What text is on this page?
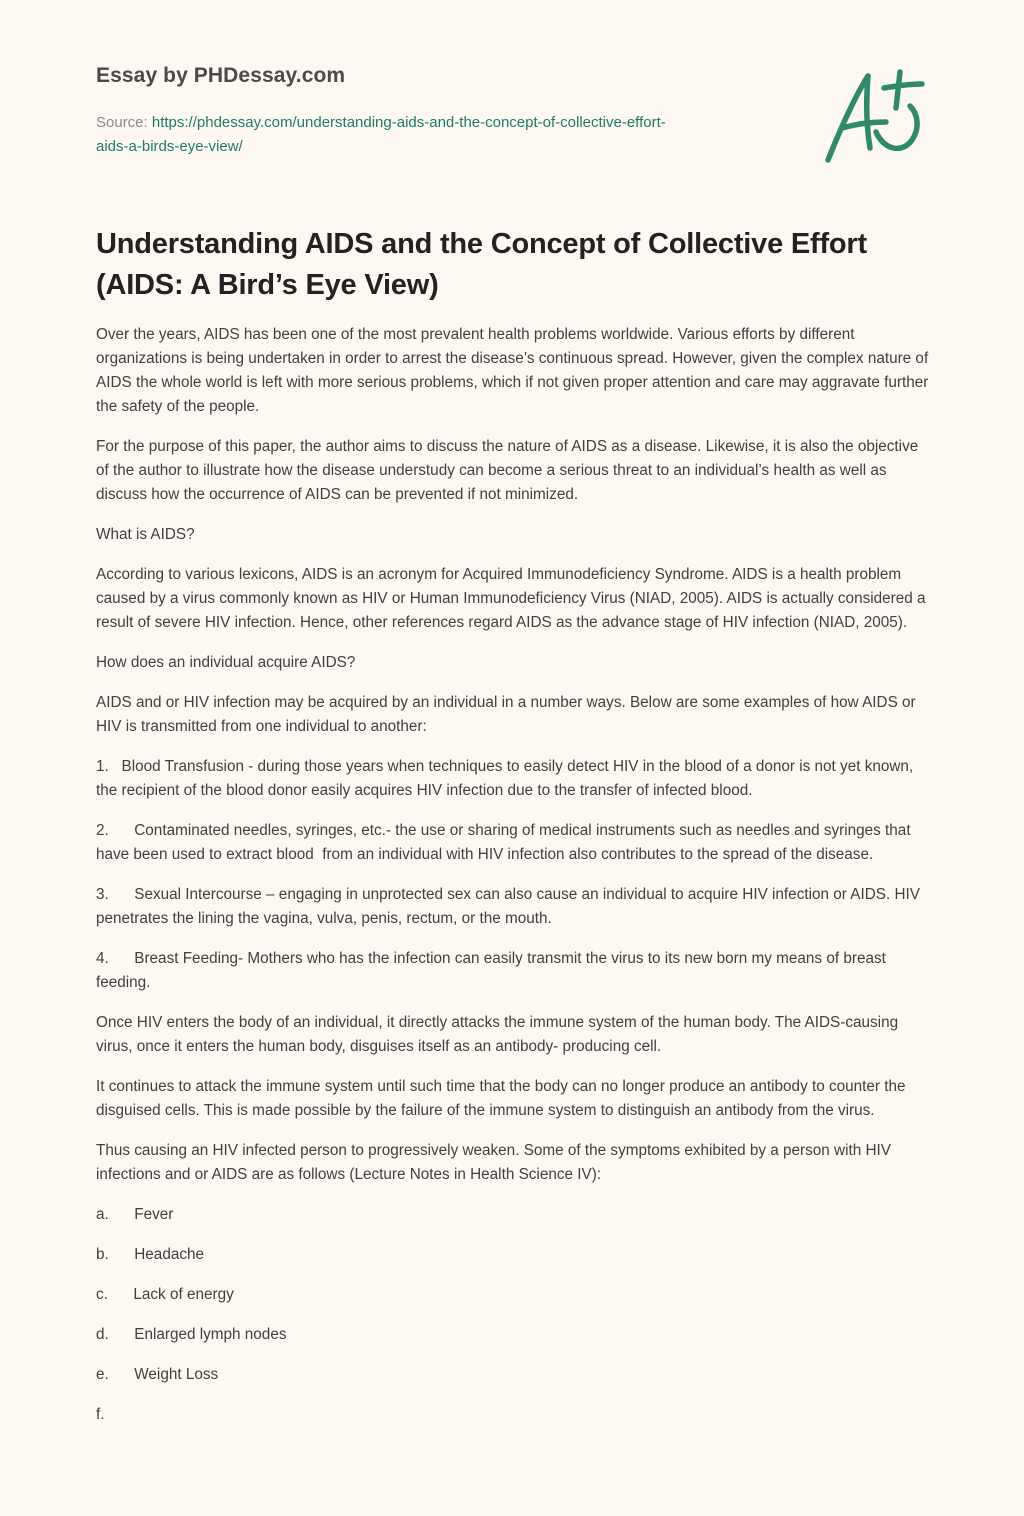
Essay by PHDessay.com
Source: https://phdessay.com/understanding-aids-and-the-concept-of-collective-effort-
aids-a-birds-eye-view/
Understanding AIDS and the Concept of Collective Effort (AIDS: A Bird’s Eye View)

Over the years, AIDS has been one of the most prevalent health problems worldwide. Various efforts by different organizations is being undertaken in order to arrest the disease’s continuous spread. However, given the complex nature of AIDS the whole world is left with more serious problems, which if not given proper attention and care may aggravate further the safety of the people.

For the purpose of this paper, the author aims to discuss the nature of AIDS as a disease. Likewise, it is also the objective of the author to illustrate how the disease understudy can become a serious threat to an individual’s health as well as discuss how the occurrence of AIDS can be prevented if not minimized.

What is AIDS?

According to various lexicons, AIDS is an acronym for Acquired Immunodeficiency Syndrome. AIDS is a health problem caused by a virus commonly known as HIV or Human Immunodeficiency Virus (NIAD, 2005). AIDS is actually considered a result of severe HIV infection. Hence, other references regard AIDS as the advance stage of HIV infection (NIAD, 2005).

How does an individual acquire AIDS?

AIDS and or HIV infection may be acquired by an individual in a number ways. Below are some examples of how AIDS or HIV is transmitted from one individual to another:

1.   Blood Transfusion - during those years when techniques to easily detect HIV in the blood of a donor is not yet known, the recipient of the blood donor easily acquires HIV infection due to the transfer of infected blood.

2.      Contaminated needles, syringes, etc.- the use or sharing of medical instruments such as needles and syringes that have been used to extract blood  from an individual with HIV infection also contributes to the spread of the disease.

3.      Sexual Intercourse – engaging in unprotected sex can also cause an individual to acquire HIV infection or AIDS. HIV penetrates the lining the vagina, vulva, penis, rectum, or the mouth.

4.      Breast Feeding- Mothers who has the infection can easily transmit the virus to its new born my means of breast feeding.

Once HIV enters the body of an individual, it directly attacks the immune system of the human body. The AIDS-causing virus, once it enters the human body, disguises itself as an antibody- producing cell.

It continues to attack the immune system until such time that the body can no longer produce an antibody to counter the disguised cells. This is made possible by the failure of the immune system to distinguish an antibody from the virus.

Thus causing an HIV infected person to progressively weaken. Some of the symptoms exhibited by a person with HIV infections and or AIDS are as follows (Lecture Notes in Health Science IV):

a.      Fever

b.      Headache

c.      Lack of energy

d.      Enlarged lymph nodes

e.      Weight Loss

f.
